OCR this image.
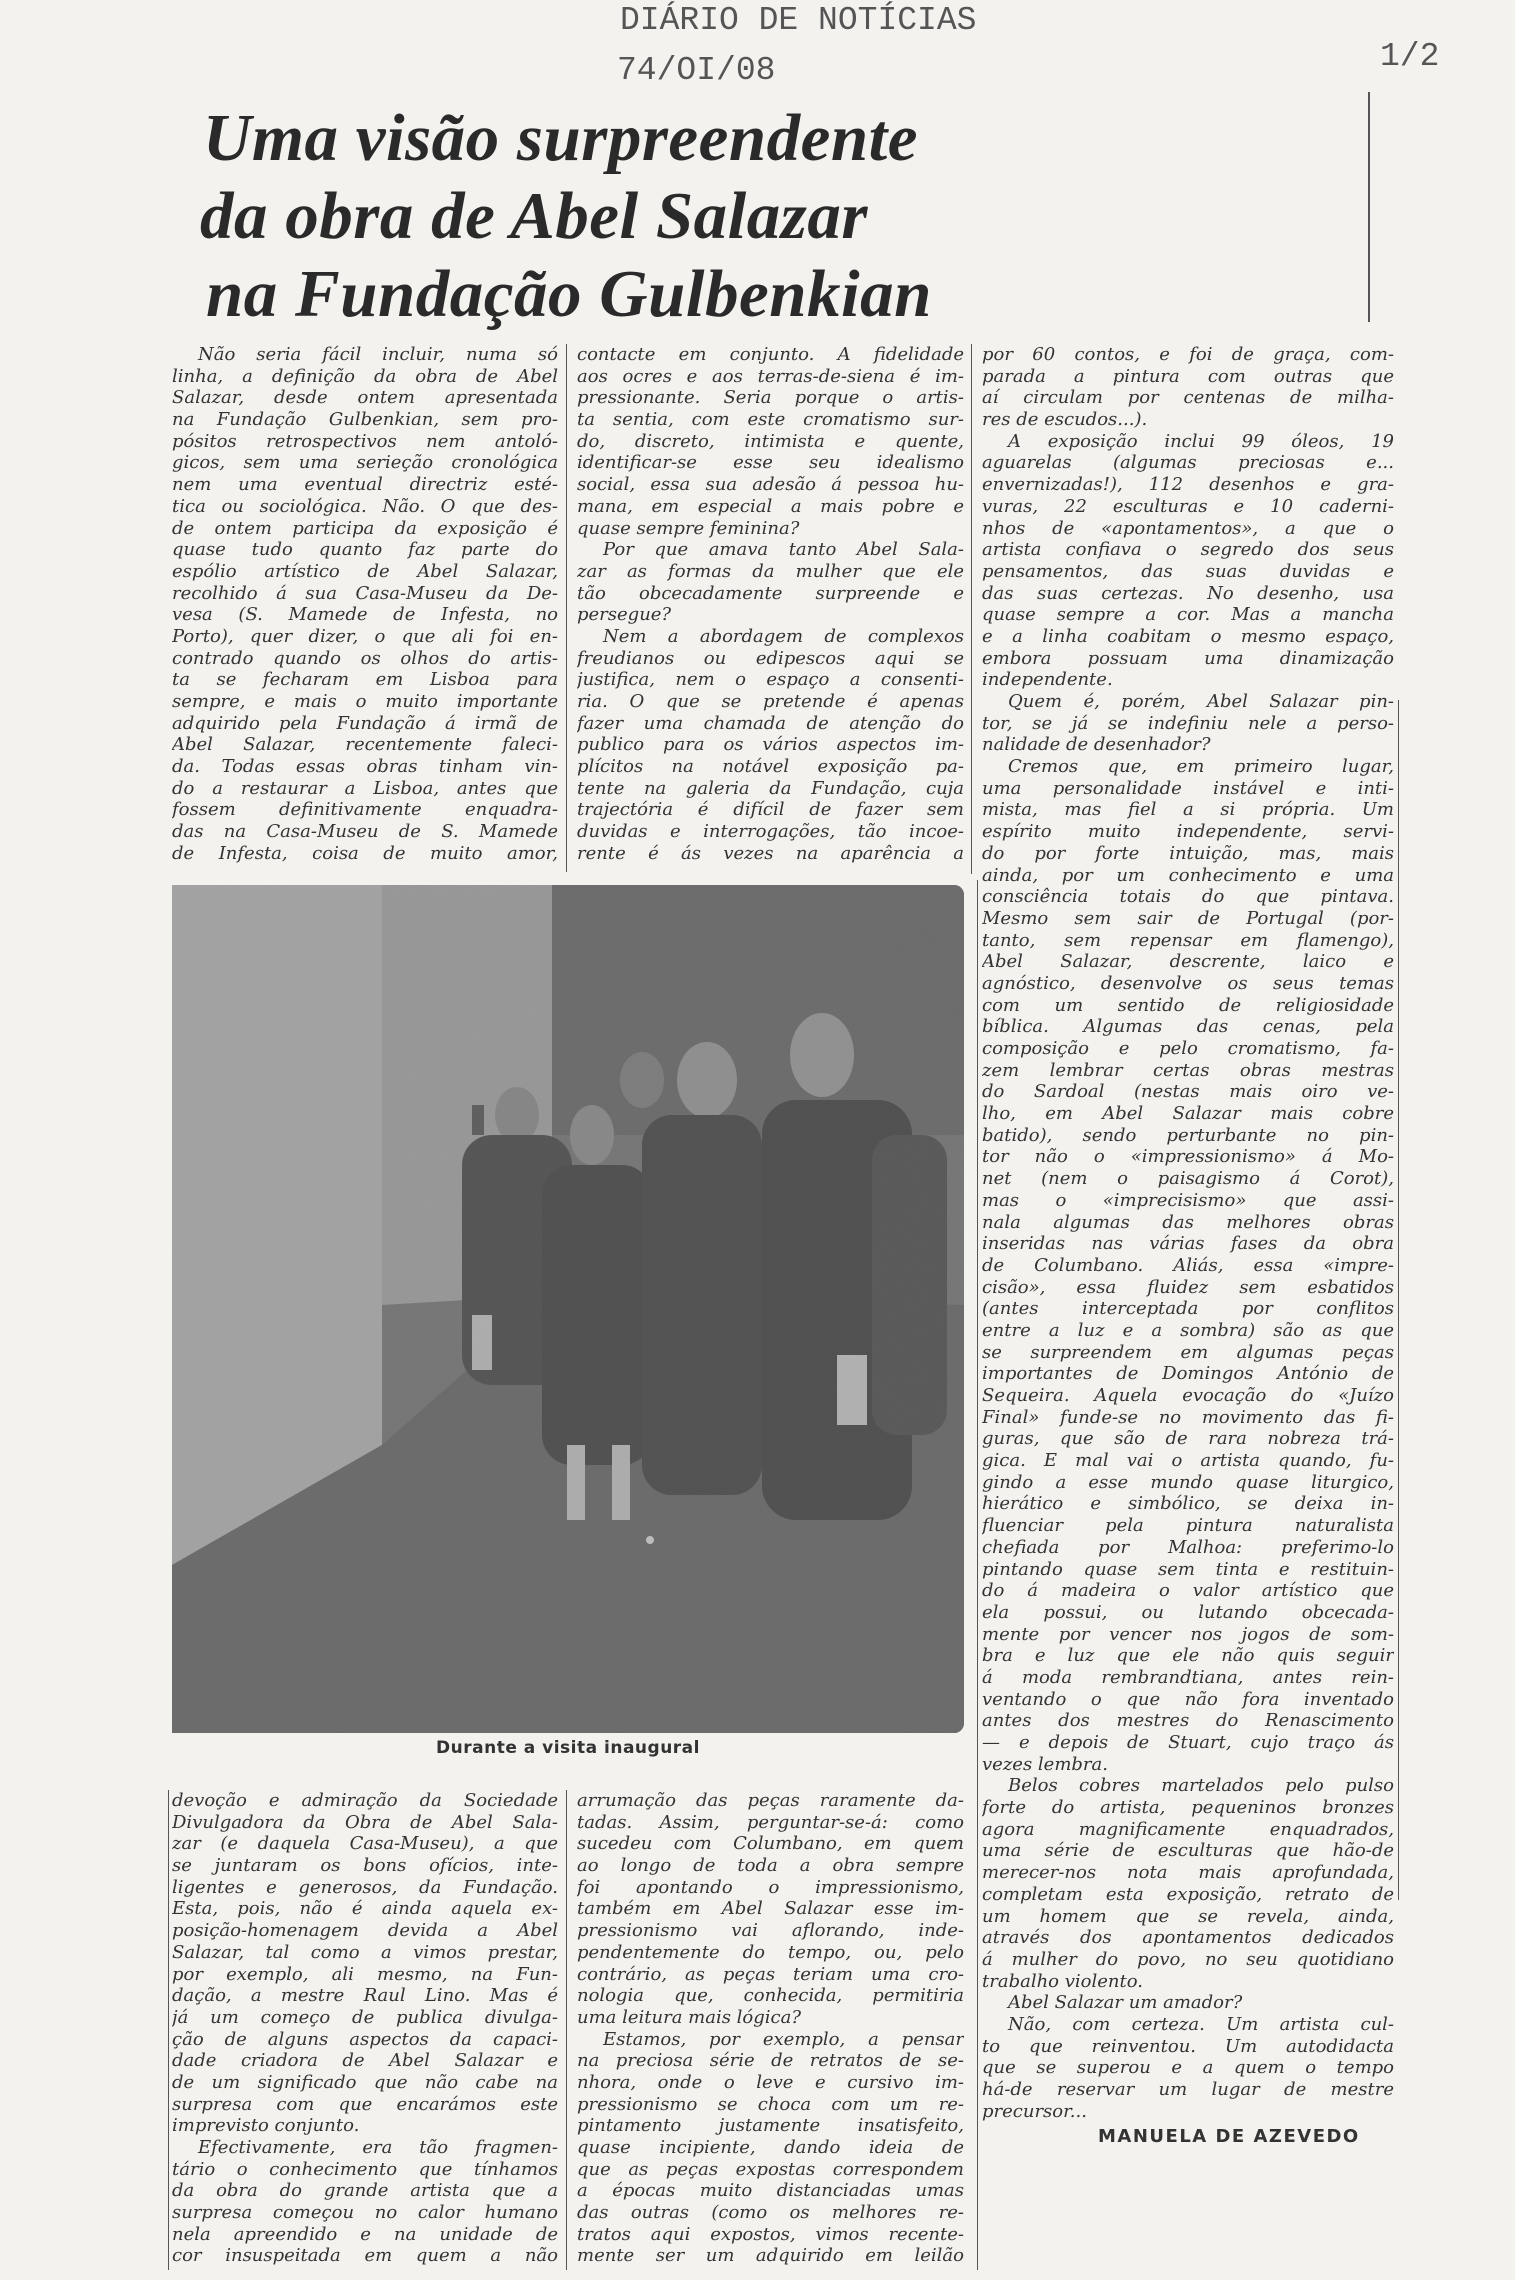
DIÁRIO DE NOTÍCIAS
74/OI/08	1/2
Uma visão surpreendente
da obra de Abel Salazar
na Fundação Gulbenkian
Não seria fácil incluir, numa só
linha, a definição da obra de Abel
Salazar, desde ontem apresentada
na Fundação Gulbenkian, sem pro-
pósitos retrospectivos nem antoló-
gicos, sem uma serieção cronológica
nem uma eventual directriz esté-
tica ou sociológica. Não. O que des-
de ontem participa da exposição é
quase tudo quanto faz parte do
espólio artístico de Abel Salazar,
recolhido á sua Casa-Museu da De-
vesa (S. Mamede de Infesta, no
Porto), quer dizer, o que ali foi en-
contrado quando os olhos do artis-
ta se fecharam em Lisboa para
sempre, e mais o muito importante
adquirido pela Fundação á irmã de
Abel Salazar, recentemente faleci-
da. Todas essas obras tinham vin-
do a restaurar a Lisboa, antes que
fossem definitivamente enquadra-
das na Casa-Museu de S. Mamede
de Infesta, coisa de muito amor,
contacte em conjunto. A fidelidade
aos ocres e aos terras-de-siena é im-
pressionante. Seria porque o artis-
ta sentia, com este cromatismo sur-
do, discreto, intimista e quente,
identificar-se esse seu idealismo
social, essa sua adesão á pessoa hu-
mana, em especial a mais pobre e
quase sempre feminina?
Por que amava tanto Abel Sala-
zar as formas da mulher que ele
tão obcecadamente surpreende e
persegue?
Nem a abordagem de complexos
freudianos ou edipescos aqui se
justifica, nem o espaço a consenti-
ria. O que se pretende é apenas
fazer uma chamada de atenção do
publico para os vários aspectos im-
plícitos na notável exposição pa-
tente na galeria da Fundação, cuja
trajectória é difícil de fazer sem
duvidas e interrogações, tão incoe-
rente é ás vezes na aparência a
por 60 contos, e foi de graça, com-
parada a pintura com outras que
aí circulam por centenas de milha-
res de escudos...).
A exposição inclui 99 óleos, 19
aguarelas (algumas preciosas e...
envernizadas!), 112 desenhos e gra-
vuras, 22 esculturas e 10 caderni-
nhos de «apontamentos», a que o
artista confiava o segredo dos seus
pensamentos, das suas duvidas e
das suas certezas. No desenho, usa
quase sempre a cor. Mas a mancha
e a linha coabitam o mesmo espaço,
embora possuam uma dinamização
independente.
Quem é, porém, Abel Salazar pin-
tor, se já se indefiniu nele a perso-
nalidade de desenhador?
Cremos que, em primeiro lugar,
uma personalidade instável e inti-
mista, mas fiel a si própria. Um
espírito muito independente, servi-
do por forte intuição, mas, mais
ainda, por um conhecimento e uma
consciência totais do que pintava.
Mesmo sem sair de Portugal (por-
tanto, sem repensar em flamengo),
Abel Salazar, descrente, laico e
agnóstico, desenvolve os seus temas
com um sentido de religiosidade
bíblica. Algumas das cenas, pela
composição e pelo cromatismo, fa-
zem lembrar certas obras mestras
do Sardoal (nestas mais oiro ve-
lho, em Abel Salazar mais cobre
batido), sendo perturbante no pin-
tor não o «impressionismo» á Mo-
net (nem o paisagismo á Corot),
mas o «imprecisismo» que assi-
nala algumas das melhores obras
inseridas nas várias fases da obra
de Columbano. Aliás, essa «impre-
cisão», essa fluidez sem esbatidos
(antes interceptada por conflitos
entre a luz e a sombra) são as que
se surpreendem em algumas peças
importantes de Domingos António de
Sequeira. Aquela evocação do «Juízo
Final» funde-se no movimento das fi-
guras, que são de rara nobreza trá-
gica. E mal vai o artista quando, fu-
gindo a esse mundo quase liturgico,
hierático e simbólico, se deixa in-
fluenciar pela pintura naturalista
chefiada por Malhoa: preferimo-lo
pintando quase sem tinta e restituin-
do á madeira o valor artístico que
ela possui, ou lutando obcecada-
mente por vencer nos jogos de som-
bra e luz que ele não quis seguir
á moda rembrandtiana, antes rein-
ventando o que não fora inventado
antes dos mestres do Renascimento
— e depois de Stuart, cujo traço ás
vezes lembra.
Belos cobres martelados pelo pulso
forte do artista, pequeninos bronzes
agora magnificamente enquadrados,
uma série de esculturas que hão-de
merecer-nos nota mais aprofundada,
completam esta exposição, retrato de
um homem que se revela, ainda,
através dos apontamentos dedicados
á mulher do povo, no seu quotidiano
trabalho violento.
Abel Salazar um amador?
Não, com certeza. Um artista cul-
to que reinventou. Um autodidacta
que se superou e a quem o tempo
há-de reservar um lugar de mestre
precursor...
devoção e admiração da Sociedade
Divulgadora da Obra de Abel Sala-
zar (e daquela Casa-Museu), a que
se juntaram os bons ofícios, inte-
ligentes e generosos, da Fundação.
Esta, pois, não é ainda aquela ex-
posição-homenagem devida a Abel
Salazar, tal como a vimos prestar,
por exemplo, ali mesmo, na Fun-
dação, a mestre Raul Lino. Mas é
já um começo de publica divulga-
ção de alguns aspectos da capaci-
dade criadora de Abel Salazar e
de um significado que não cabe na
surpresa com que encarámos este
imprevisto conjunto.
Efectivamente, era tão fragmen-
tário o conhecimento que tínhamos
da obra do grande artista que a
surpresa começou no calor humano
nela apreendido e na unidade de
cor insuspeitada em quem a não
arrumação das peças raramente da-
tadas. Assim, perguntar-se-á: como
sucedeu com Columbano, em quem
ao longo de toda a obra sempre
foi apontando o impressionismo,
também em Abel Salazar esse im-
pressionismo vai aflorando, inde-
pendentemente do tempo, ou, pelo
contrário, as peças teriam uma cro-
nologia que, conhecida, permitiria
uma leitura mais lógica?
Estamos, por exemplo, a pensar
na preciosa série de retratos de se-
nhora, onde o leve e cursivo im-
pressionismo se choca com um re-
pintamento justamente insatisfeito,
quase incipiente, dando ideia de
que as peças expostas correspondem
a épocas muito distanciadas umas
das outras (como os melhores re-
tratos aqui expostos, vimos recente-
mente ser um adquirido em leilão
Durante a visita inaugural
MANUELA DE AZEVEDO
